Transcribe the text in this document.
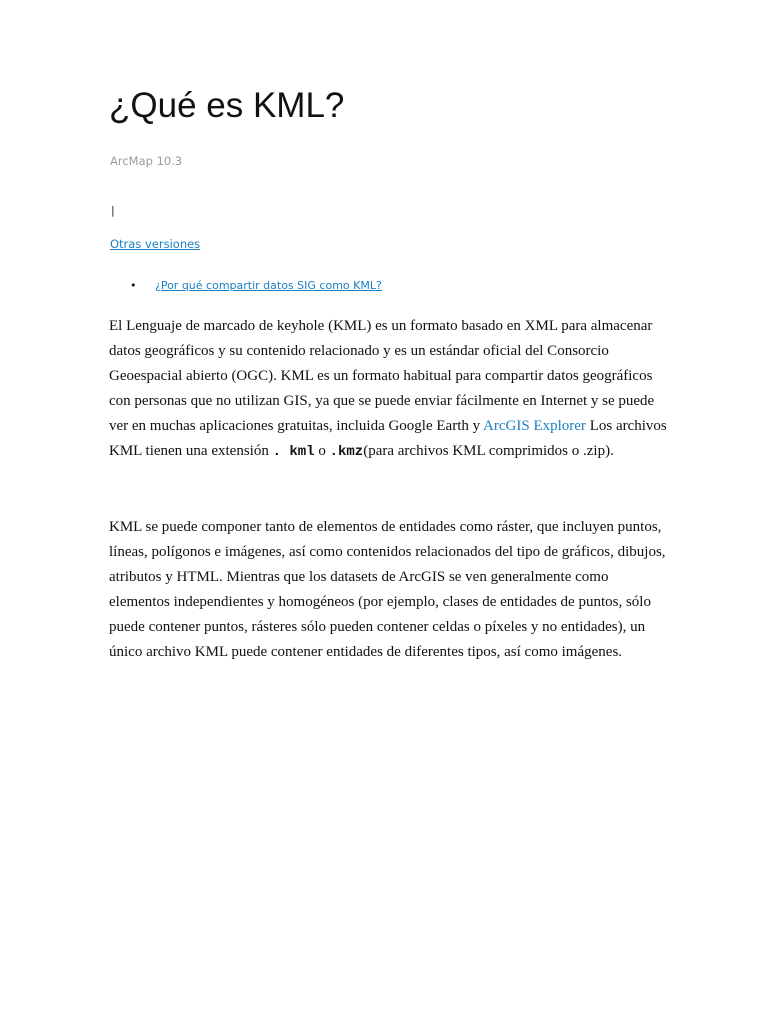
¿Qué es KML?
ArcMap 10.3
|
Otras versiones
• ¿Por qué compartir datos SIG como KML?

El Lenguaje de marcado de keyhole (KML) es un formato basado en XML para almacenar datos geográficos y su contenido relacionado y es un estándar oficial del Consorcio Geoespacial abierto (OGC). KML es un formato habitual para compartir datos geográficos con personas que no utilizan GIS, ya que se puede enviar fácilmente en Internet y se puede ver en muchas aplicaciones gratuitas, incluida Google Earth y ArcGIS Explorer Los archivos KML tienen una extensión . kml o .kmz(para archivos KML comprimidos o .zip).

KML se puede componer tanto de elementos de entidades como ráster, que incluyen puntos, líneas, polígonos e imágenes, así como contenidos relacionados del tipo de gráficos, dibujos, atributos y HTML. Mientras que los datasets de ArcGIS se ven generalmente como elementos independientes y homogéneos (por ejemplo, clases de entidades de puntos, sólo puede contener puntos, rásteres sólo pueden contener celdas o píxeles y no entidades), un único archivo KML puede contener entidades de diferentes tipos, así como imágenes.
